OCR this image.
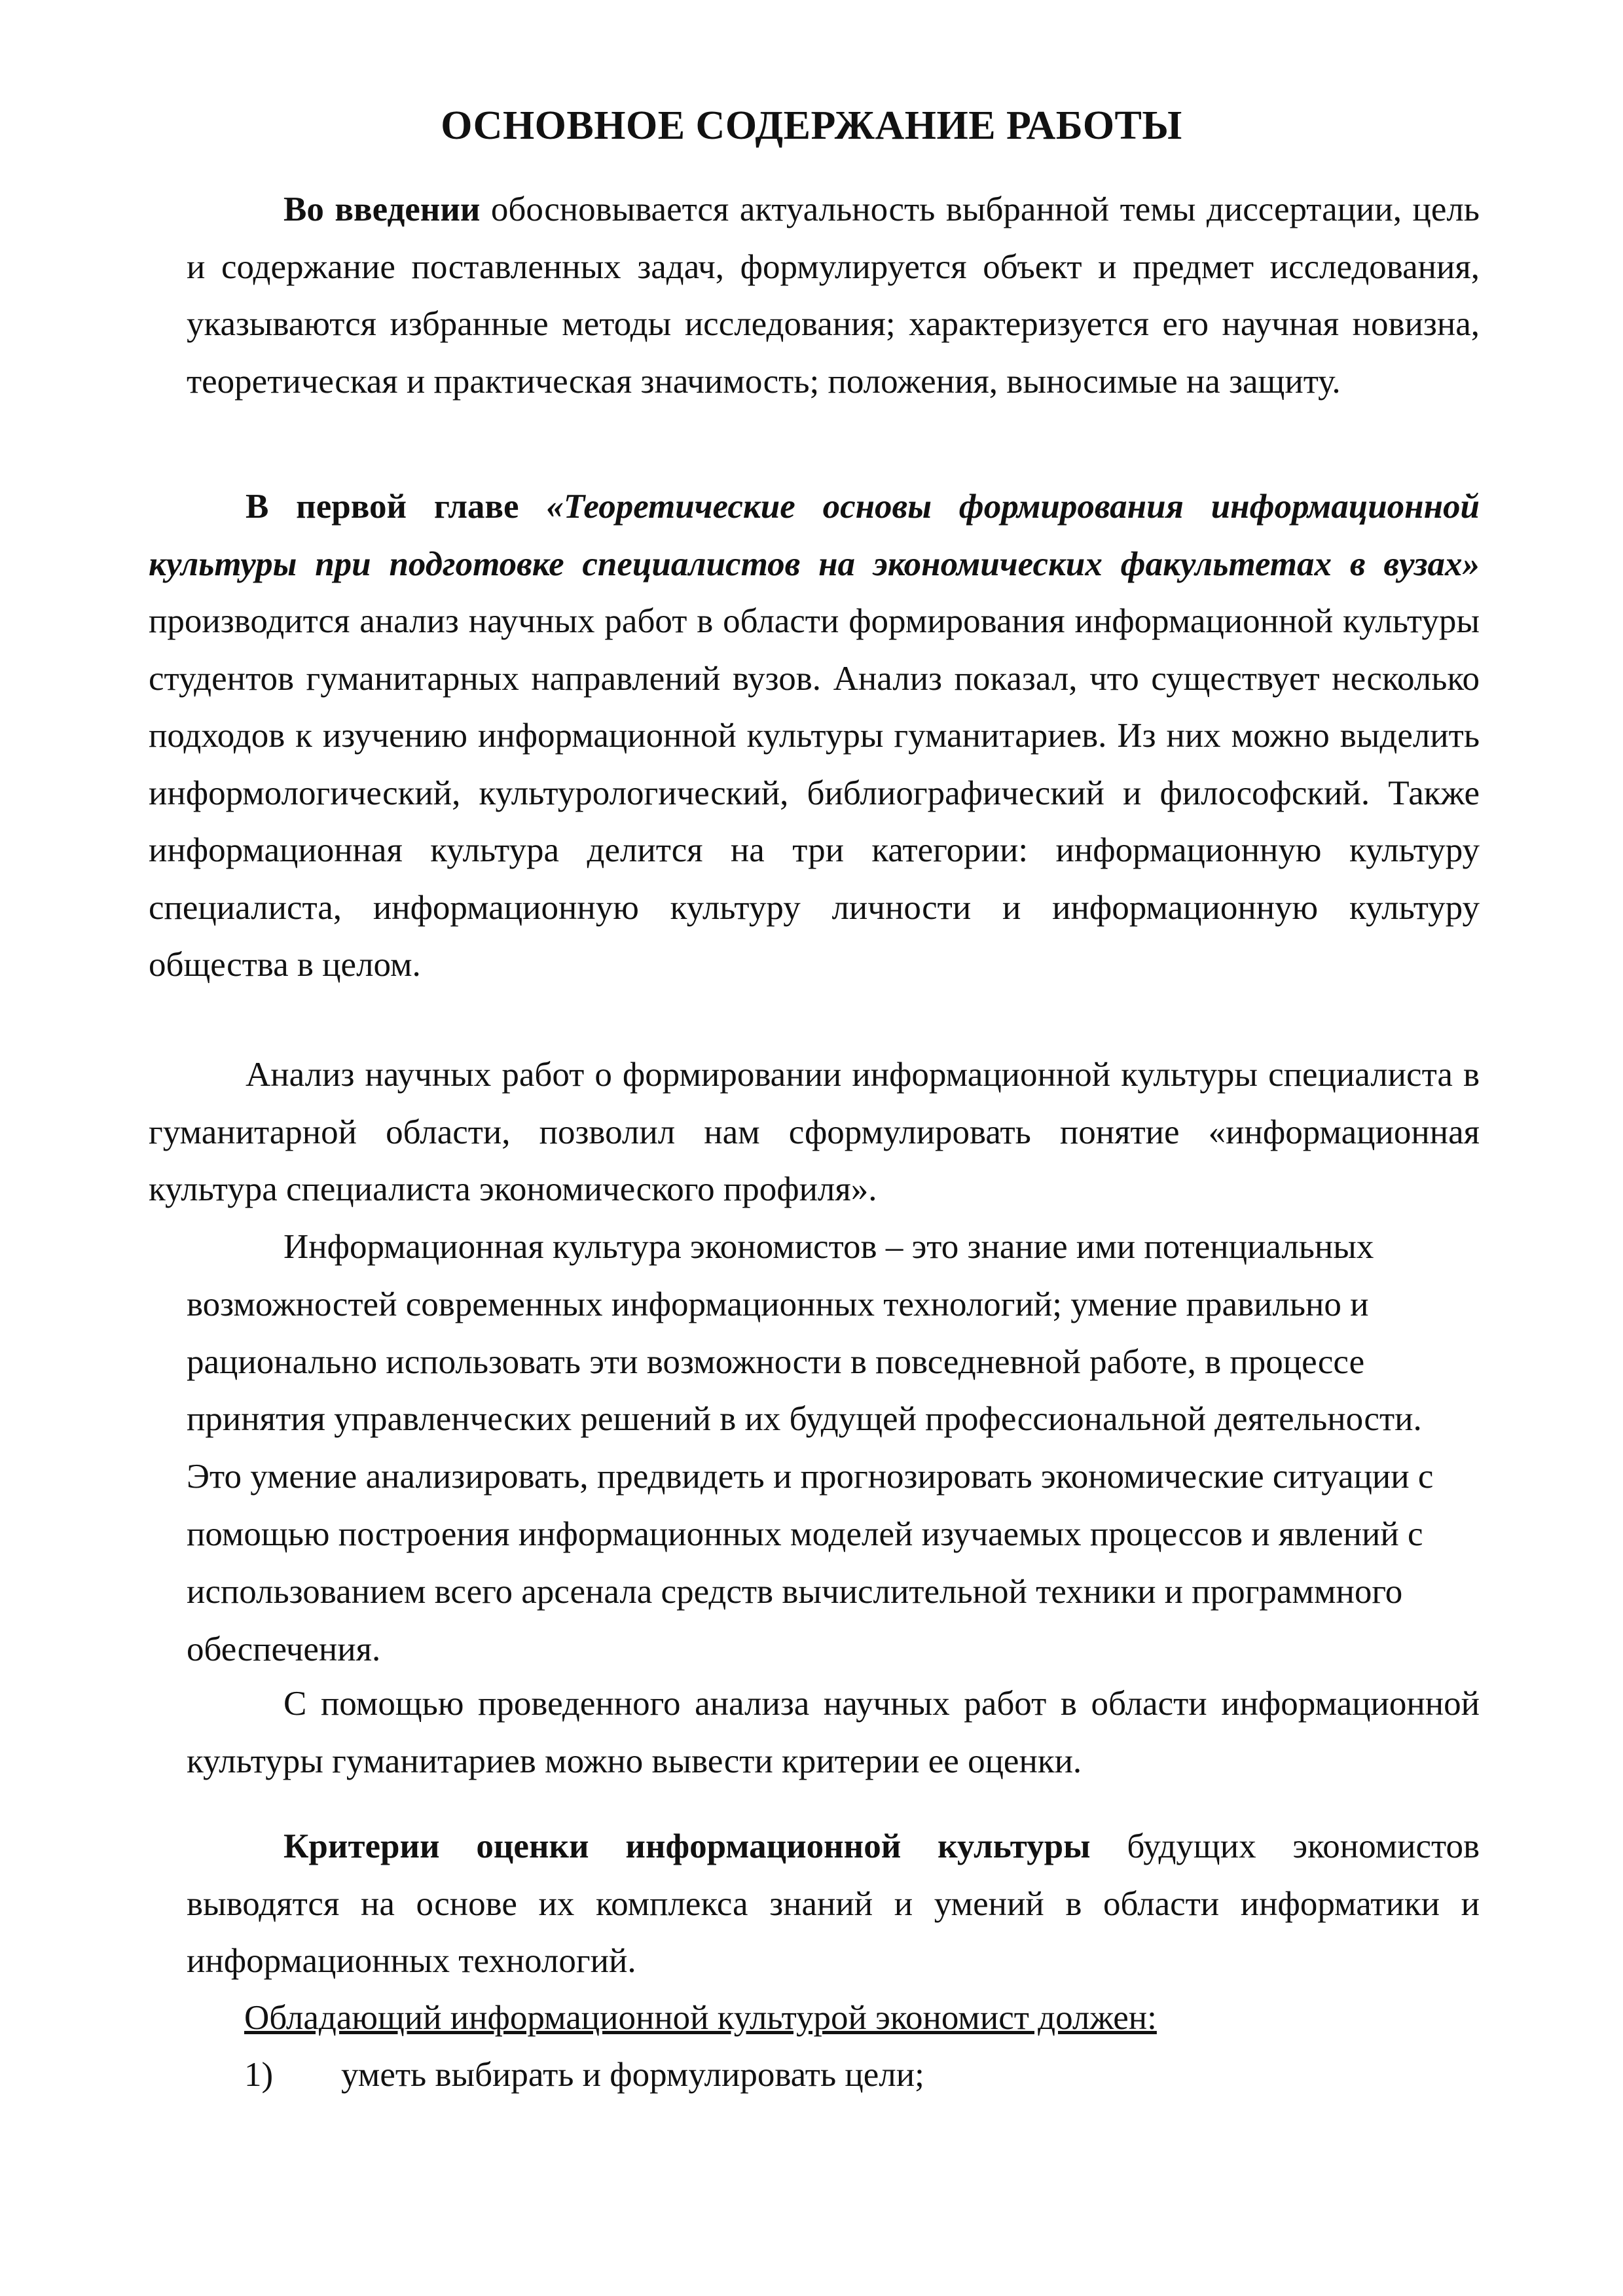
ОСНОВНОЕ СОДЕРЖАНИЕ РАБОТЫ

Во введении обосновывается актуальность выбранной темы диссертации, цель и содержание поставленных задач, формулируется объект и предмет исследования, указываются избранные методы исследования; характеризуется его научная новизна, теоретическая и практическая значимость; положения, выносимые на защиту.

В первой главе «Теоретические основы формирования информационной культуры при подготовке специалистов на экономических факультетах в вузах» производится анализ научных работ в области формирования информационной культуры студентов гуманитарных направлений вузов. Анализ показал, что существует несколько подходов к изучению информационной культуры гуманитариев. Из них можно выделить информологический, культурологический, библиографический и философский. Также информационная культура делится на три категории: информационную культуру специалиста, информационную культуру личности и информационную культуру общества в целом.

Анализ научных работ о формировании информационной культуры специалиста в гуманитарной области, позволил нам сформулировать понятие «информационная культура специалиста экономического профиля».

Информационная культура экономистов – это знание ими потенциальных возможностей современных информационных технологий; умение правильно и рационально использовать эти возможности в повседневной работе, в процессе принятия управленческих решений в их будущей профессиональной деятельности. Это умение анализировать, предвидеть и прогнозировать экономические ситуации с помощью построения информационных моделей изучаемых процессов и явлений с использованием всего арсенала средств вычислительной техники и программного обеспечения.

С помощью проведенного анализа научных работ в области информационной культуры гуманитариев можно вывести критерии ее оценки.

Критерии оценки информационной культуры будущих экономистов выводятся на основе их комплекса знаний и умений в области информатики и информационных технологий.

Обладающий информационной культурой экономист должен:

1)	уметь выбирать и формулировать цели;
